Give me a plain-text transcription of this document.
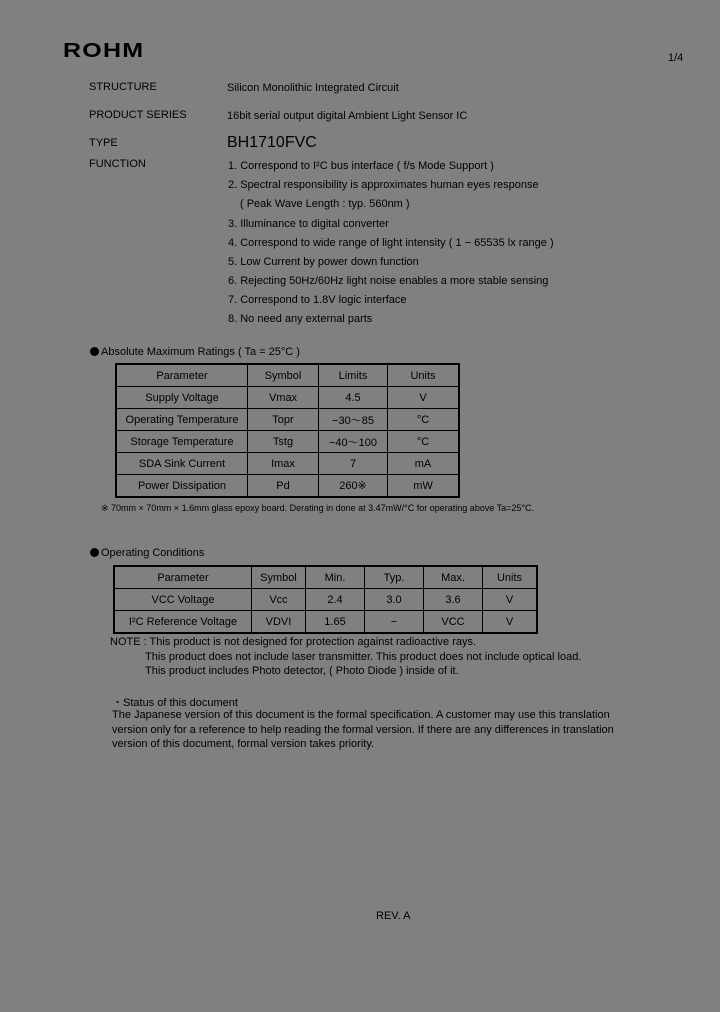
ROHM	1/4
STRUCTURE	Silicon Monolithic Integrated Circuit
PRODUCT SERIES	16bit serial output digital Ambient Light Sensor IC
TYPE	BH1710FVC
FUNCTION	1. Correspond to I²C bus interface ( f/s Mode Support )
2. Spectral responsibility is approximates human eyes response
( Peak Wave Length : typ. 560nm )
3. Illuminance to digital converter
4. Correspond to wide range of light intensity ( 1 − 65535 lx range )
5. Low Current by power down function
6. Rejecting 50Hz/60Hz light noise enables a more stable sensing
7. Correspond to 1.8V logic interface
8. No need any external parts
Absolute Maximum Ratings ( Ta = 25°C )
Parameter	Symbol	Limits	Units
Supply Voltage	Vmax	4.5	V
Operating Temperature	Topr	−30～85	°C
Storage Temperature	Tstg	−40～100	°C
SDA Sink Current	Imax	7	mA
Power Dissipation	Pd	260※	mW
※ 70mm × 70mm × 1.6mm glass epoxy board. Derating in done at 3.47mW/°C for operating above Ta=25°C.
Operating Conditions
Parameter	Symbol	Min.	Typ.	Max.	Units
VCC Voltage	Vcc	2.4	3.0	3.6	V
I²C Reference Voltage	VDVI	1.65	−	VCC	V
NOTE : This product is not designed for protection against radioactive rays.
This product does not include laser transmitter. This product does not include optical load.
This product includes Photo detector, ( Photo Diode ) inside of it.
・Status of this document
The Japanese version of this document is the formal specification. A customer may use this translation
version only for a reference to help reading the formal version. If there are any differences in translation
version of this document, formal version takes priority.
REV. A
